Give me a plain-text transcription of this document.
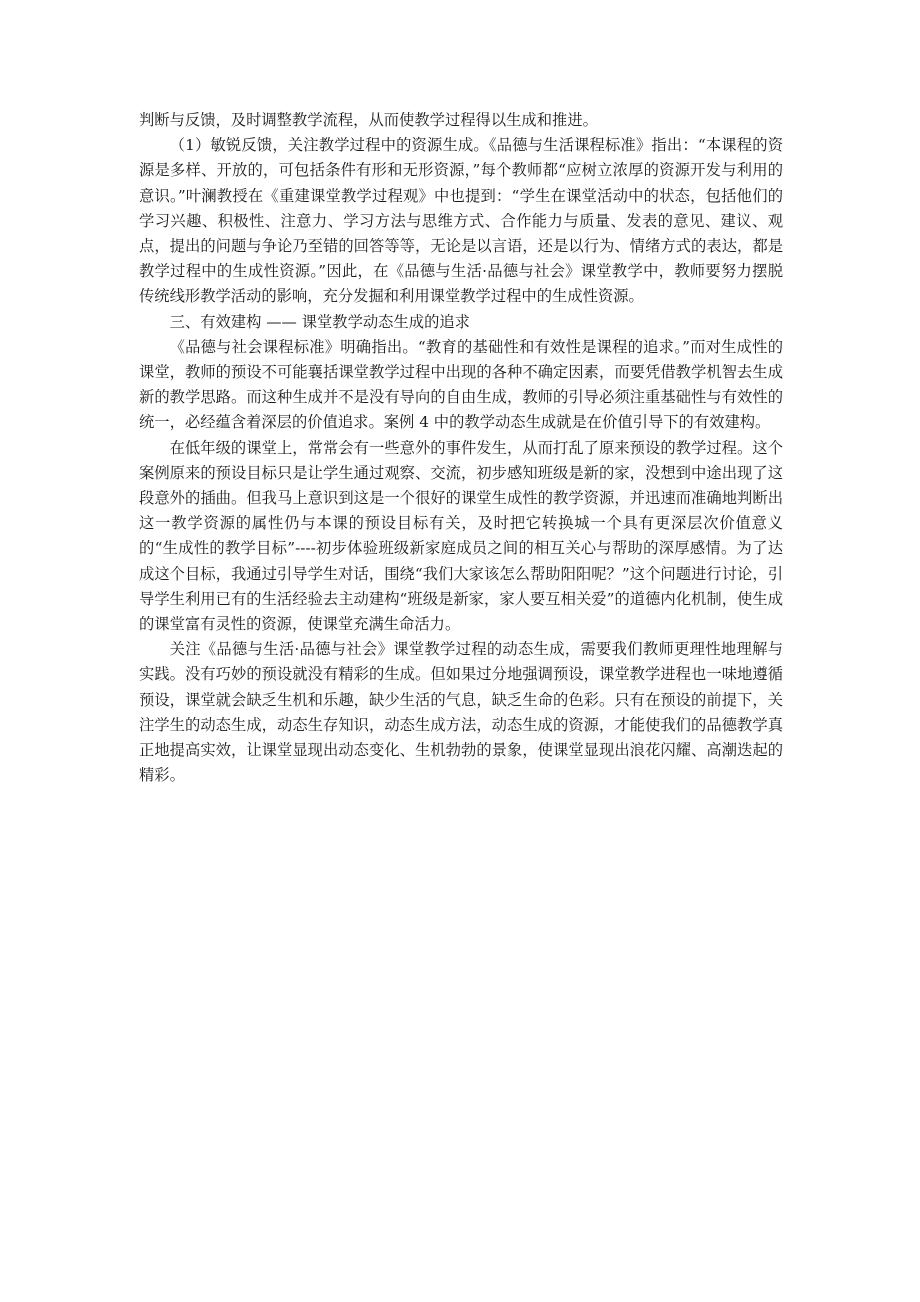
判断与反馈，及时调整教学流程，从而使教学过程得以生成和推进。

（1）敏锐反馈，关注教学过程中的资源生成。《品德与生活课程标准》指出：“本课程的资源是多样、开放的，可包括条件有形和无形资源，”每个教师都“应树立浓厚的资源开发与利用的意识。”叶澜教授在《重建课堂教学过程观》中也提到：“学生在课堂活动中的状态，包括他们的学习兴趣、积极性、注意力、学习方法与思维方式、合作能力与质量、发表的意见、建议、观点，提出的问题与争论乃至错的回答等等，无论是以言语，还是以行为、情绪方式的表达，都是教学过程中的生成性资源。”因此，在《品德与生活·品德与社会》课堂教学中，教师要努力摆脱传统线形教学活动的影响，充分发掘和利用课堂教学过程中的生成性资源。

三、有效建构 —— 课堂教学动态生成的追求

《品德与社会课程标准》明确指出。“教育的基础性和有效性是课程的追求。”而对生成性的课堂，教师的预设不可能襄括课堂教学过程中出现的各种不确定因素，而要凭借教学机智去生成新的教学思路。而这种生成并不是没有导向的自由生成，教师的引导必须注重基础性与有效性的统一，必经蕴含着深层的价值追求。案例 4 中的教学动态生成就是在价值引导下的有效建构。

在低年级的课堂上，常常会有一些意外的事件发生，从而打乱了原来预设的教学过程。这个案例原来的预设目标只是让学生通过观察、交流，初步感知班级是新的家，没想到中途出现了这段意外的插曲。但我马上意识到这是一个很好的课堂生成性的教学资源，并迅速而准确地判断出这一教学资源的属性仍与本课的预设目标有关，及时把它转换城一个具有更深层次价值意义的“生成性的教学目标”----初步体验班级新家庭成员之间的相互关心与帮助的深厚感情。为了达成这个目标，我通过引导学生对话，围绕“我们大家该怎么帮助阳阳呢？”这个问题进行讨论，引导学生利用已有的生活经验去主动建构“班级是新家，家人要互相关爱”的道德内化机制，使生成的课堂富有灵性的资源，使课堂充满生命活力。

关注《品德与生活·品德与社会》课堂教学过程的动态生成，需要我们教师更理性地理解与实践。没有巧妙的预设就没有精彩的生成。但如果过分地强调预设，课堂教学进程也一味地遵循预设，课堂就会缺乏生机和乐趣，缺少生活的气息，缺乏生命的色彩。只有在预设的前提下，关注学生的动态生成，动态生存知识，动态生成方法，动态生成的资源，才能使我们的品德教学真正地提高实效，让课堂显现出动态变化、生机勃勃的景象，使课堂显现出浪花闪耀、高潮迭起的精彩。
